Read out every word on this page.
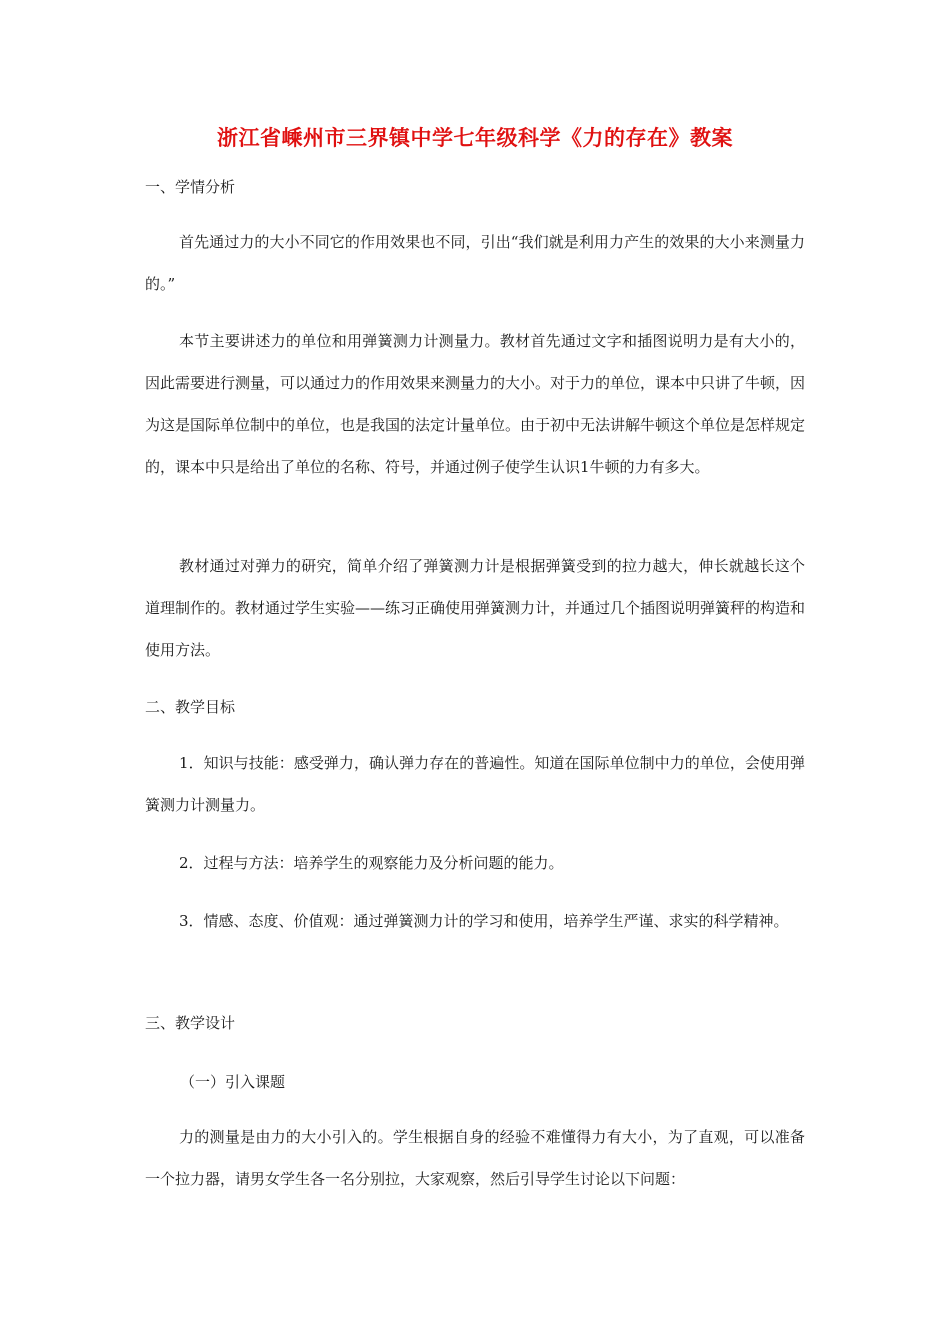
浙江省嵊州市三界镇中学七年级科学《力的存在》教案
一、学情分析
首先通过力的大小不同它的作用效果也不同，引出“我们就是利用力产生的效果的大小来测量力的。”
本节主要讲述力的单位和用弹簧测力计测量力。教材首先通过文字和插图说明力是有大小的，因此需要进行测量，可以通过力的作用效果来测量力的大小。对于力的单位，课本中只讲了牛顿，因为这是国际单位制中的单位，也是我国的法定计量单位。由于初中无法讲解牛顿这个单位是怎样规定的，课本中只是给出了单位的名称、符号，并通过例子使学生认识1牛顿的力有多大。
教材通过对弹力的研究，简单介绍了弹簧测力计是根据弹簧受到的拉力越大，伸长就越长这个道理制作的。教材通过学生实验——练习正确使用弹簧测力计，并通过几个插图说明弹簧秤的构造和使用方法。
二、教学目标
1．知识与技能：感受弹力，确认弹力存在的普遍性。知道在国际单位制中力的单位，会使用弹簧测力计测量力。
2．过程与方法：培养学生的观察能力及分析问题的能力。
3．情感、态度、价值观：通过弹簧测力计的学习和使用，培养学生严谨、求实的科学精神。
三、教学设计
（一）引入课题
力的测量是由力的大小引入的。学生根据自身的经验不难懂得力有大小，为了直观，可以准备一个拉力器，请男女学生各一名分别拉，大家观察，然后引导学生讨论以下问题：
